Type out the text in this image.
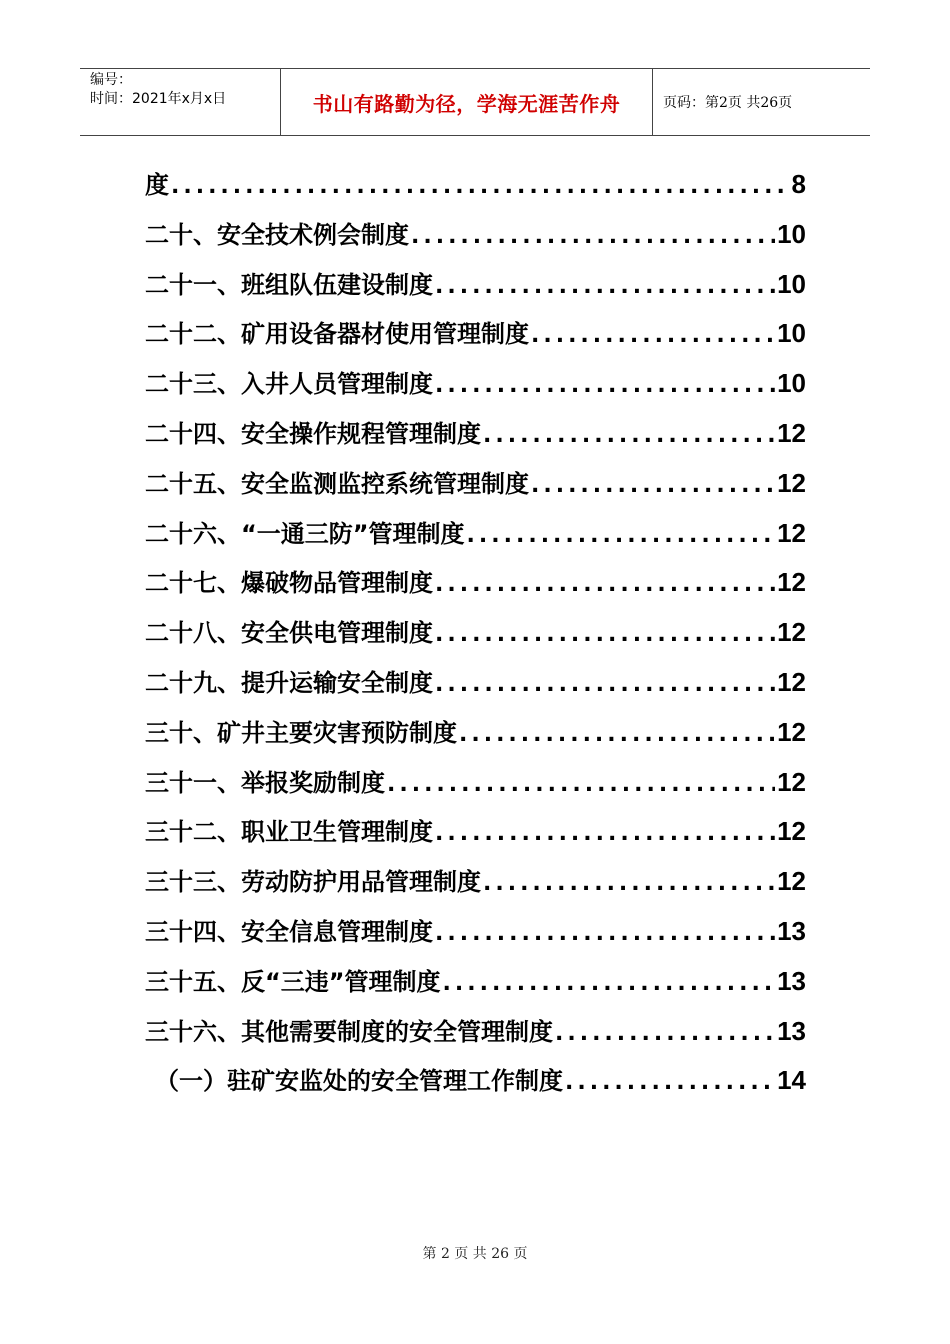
编号：
时间：2021年x月x日	书山有路勤为径，学海无涯苦作舟	页码：第2页 共26页
度 .....	8
二十、安全技术例会制度 .....	10
二十一、班组队伍建设制度 .....	10
二十二、矿用设备器材使用管理制度 .....	10
二十三、入井人员管理制度 .....	10
二十四、安全操作规程管理制度 .....	12
二十五、安全监测监控系统管理制度 .....	12
二十六、“一通三防”管理制度 .....	12
二十七、爆破物品管理制度 .....	12
二十八、安全供电管理制度 .....	12
二十九、提升运输安全制度 .....	12
三十、矿井主要灾害预防制度 .....	12
三十一、举报奖励制度 .....	12
三十二、职业卫生管理制度 .....	12
三十三、劳动防护用品管理制度 .....	12
三十四、安全信息管理制度 .....	13
三十五、反“三违”管理制度 .....	13
三十六、其他需要制度的安全管理制度 .....	13
（一）驻矿安监处的安全管理工作制度 .....	14
第 2 页 共 26 页
